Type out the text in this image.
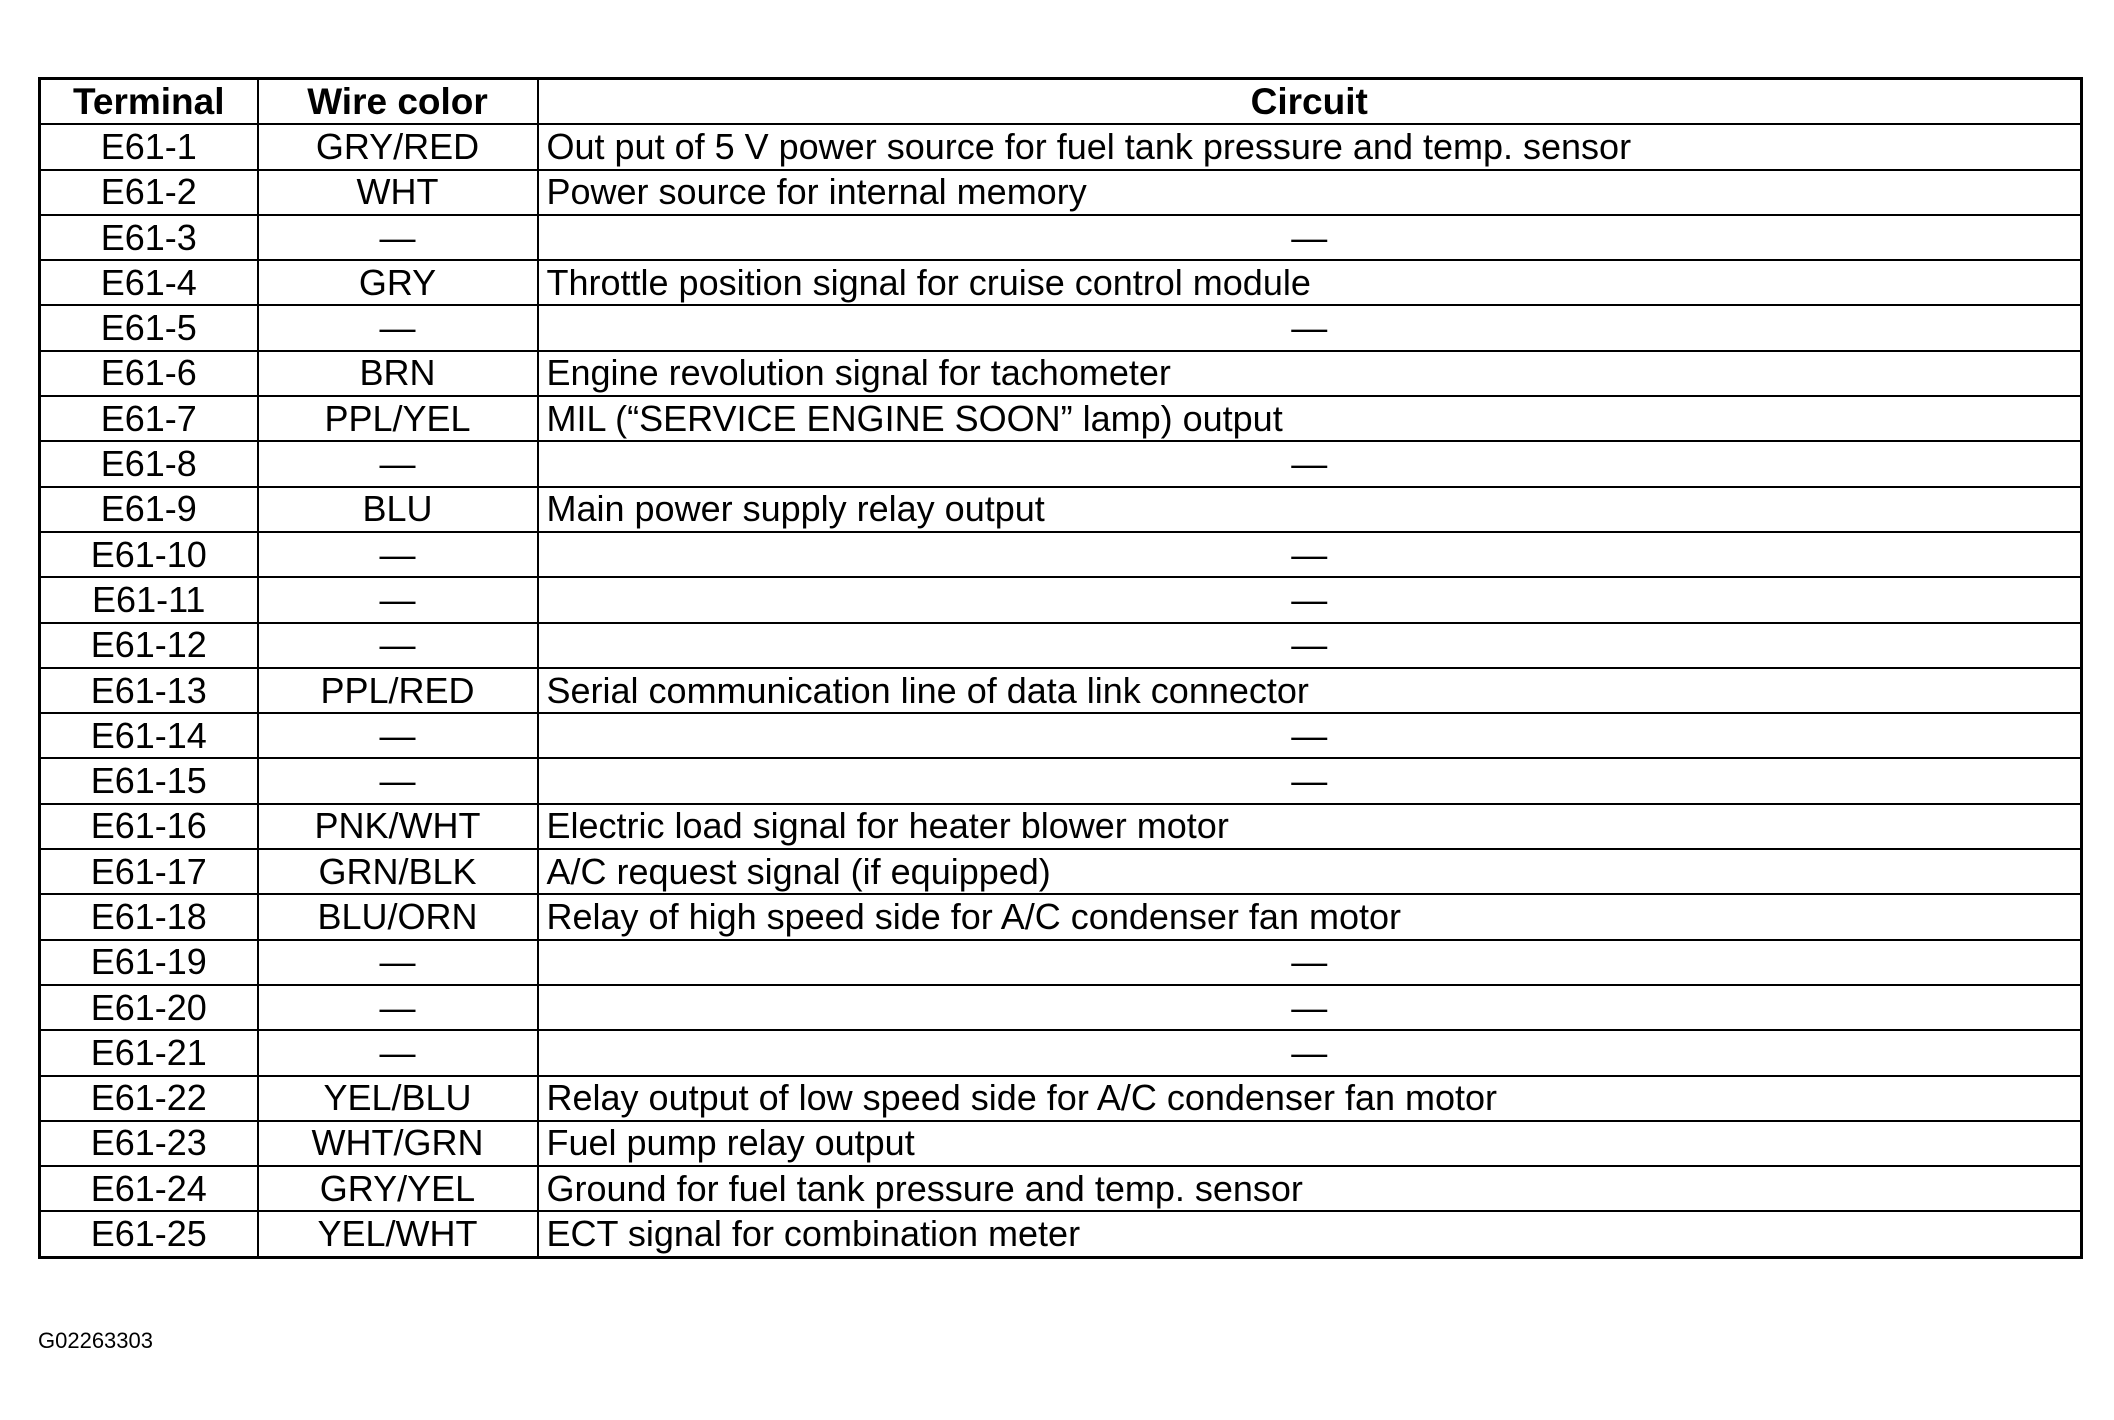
Terminal	Wire color	Circuit
E61-1	GRY/RED	Out put of 5 V power source for fuel tank pressure and temp. sensor
E61-2	WHT	Power source for internal memory
E61-3	—	—
E61-4	GRY	Throttle position signal for cruise control module
E61-5	—	—
E61-6	BRN	Engine revolution signal for tachometer
E61-7	PPL/YEL	MIL (“SERVICE ENGINE SOON” lamp) output
E61-8	—	—
E61-9	BLU	Main power supply relay output
E61-10	—	—
E61-11	—	—
E61-12	—	—
E61-13	PPL/RED	Serial communication line of data link connector
E61-14	—	—
E61-15	—	—
E61-16	PNK/WHT	Electric load signal for heater blower motor
E61-17	GRN/BLK	A/C request signal (if equipped)
E61-18	BLU/ORN	Relay of high speed side for A/C condenser fan motor
E61-19	—	—
E61-20	—	—
E61-21	—	—
E61-22	YEL/BLU	Relay output of low speed side for A/C condenser fan motor
E61-23	WHT/GRN	Fuel pump relay output
E61-24	GRY/YEL	Ground for fuel tank pressure and temp. sensor
E61-25	YEL/WHT	ECT signal for combination meter
G02263303
